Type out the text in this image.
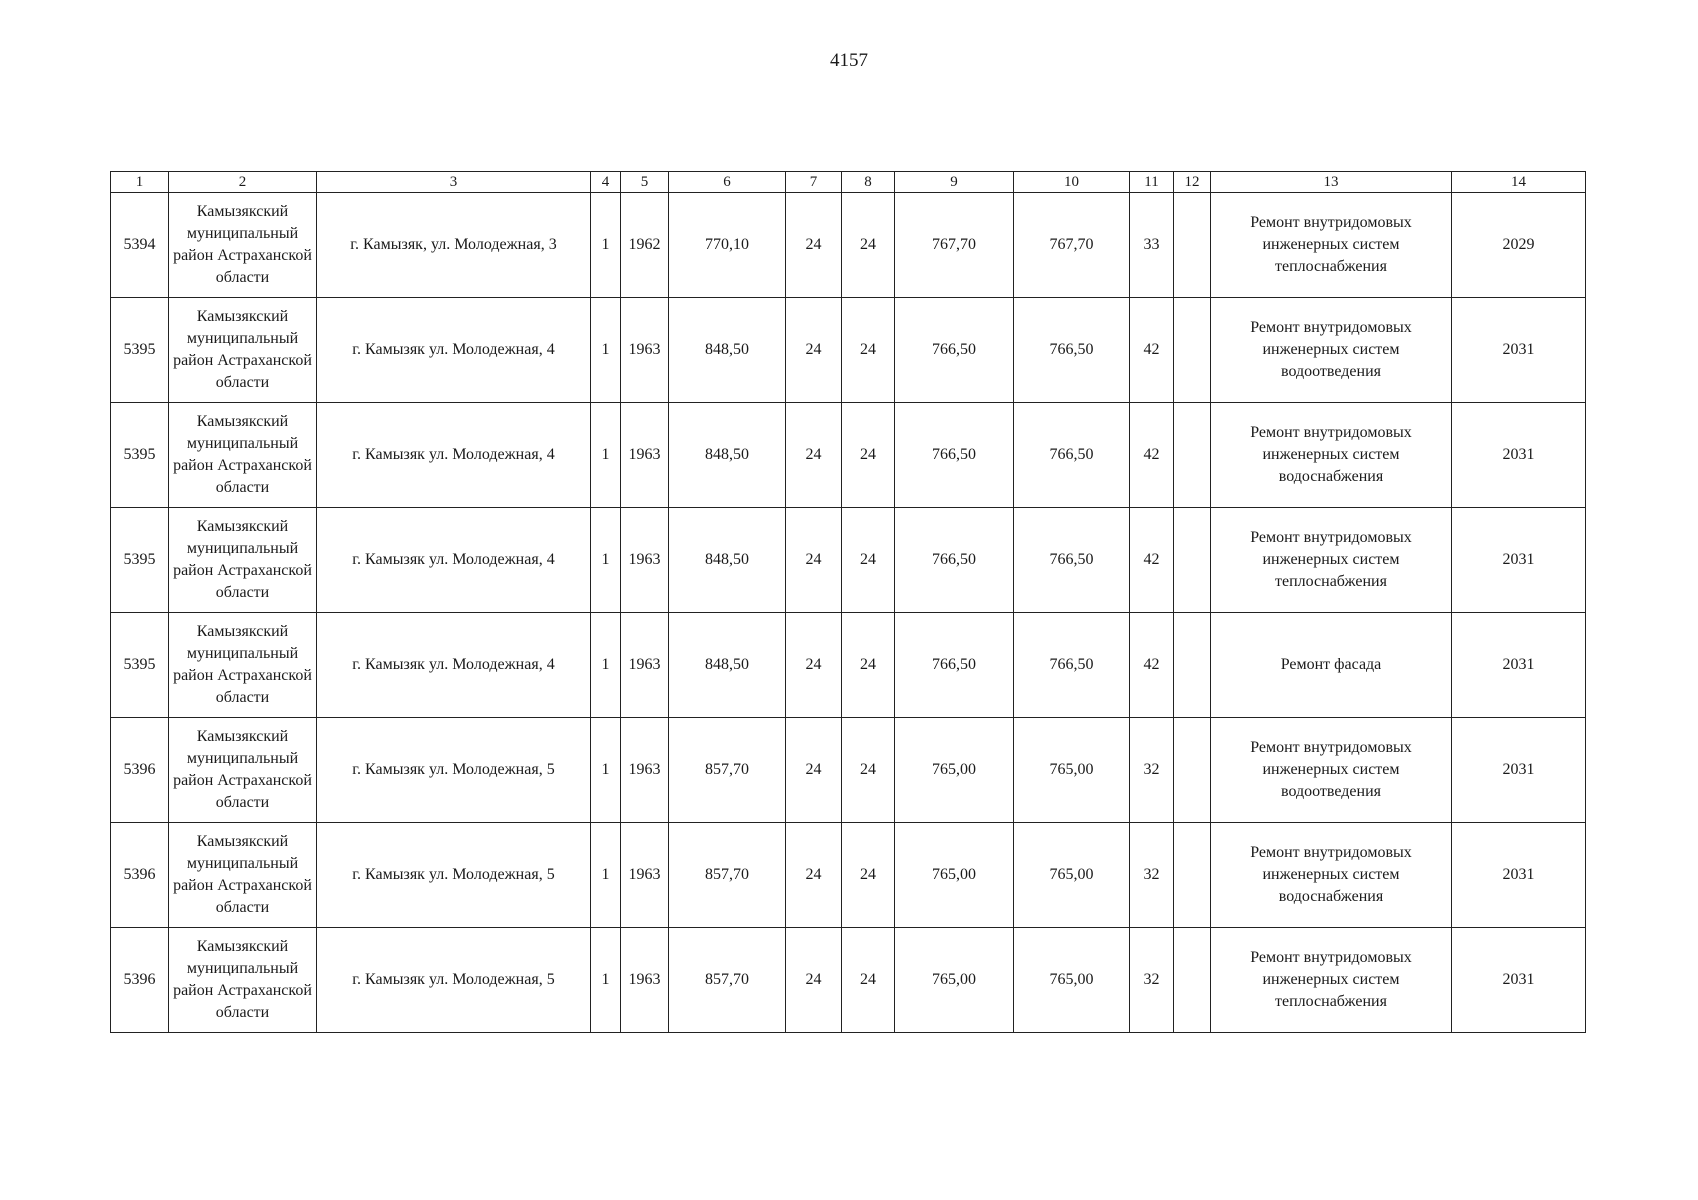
4157
1	2	3	4	5	6	7	8	9	10	11	12	13	14
5394	Камызякский муниципальный район Астраханской области	г. Камызяк, ул. Молодежная, 3	1	1962	770,10	24	24	767,70	767,70	33		Ремонт внутридомовых инженерных систем теплоснабжения	2029
5395	Камызякский муниципальный район Астраханской области	г. Камызяк ул. Молодежная, 4	1	1963	848,50	24	24	766,50	766,50	42		Ремонт внутридомовых инженерных систем водоотведения	2031
5395	Камызякский муниципальный район Астраханской области	г. Камызяк ул. Молодежная, 4	1	1963	848,50	24	24	766,50	766,50	42		Ремонт внутридомовых инженерных систем водоснабжения	2031
5395	Камызякский муниципальный район Астраханской области	г. Камызяк ул. Молодежная, 4	1	1963	848,50	24	24	766,50	766,50	42		Ремонт внутридомовых инженерных систем теплоснабжения	2031
5395	Камызякский муниципальный район Астраханской области	г. Камызяк ул. Молодежная, 4	1	1963	848,50	24	24	766,50	766,50	42		Ремонт фасада	2031
5396	Камызякский муниципальный район Астраханской области	г. Камызяк ул. Молодежная, 5	1	1963	857,70	24	24	765,00	765,00	32		Ремонт внутридомовых инженерных систем водоотведения	2031
5396	Камызякский муниципальный район Астраханской области	г. Камызяк ул. Молодежная, 5	1	1963	857,70	24	24	765,00	765,00	32		Ремонт внутридомовых инженерных систем водоснабжения	2031
5396	Камызякский муниципальный район Астраханской области	г. Камызяк ул. Молодежная, 5	1	1963	857,70	24	24	765,00	765,00	32		Ремонт внутридомовых инженерных систем теплоснабжения	2031
